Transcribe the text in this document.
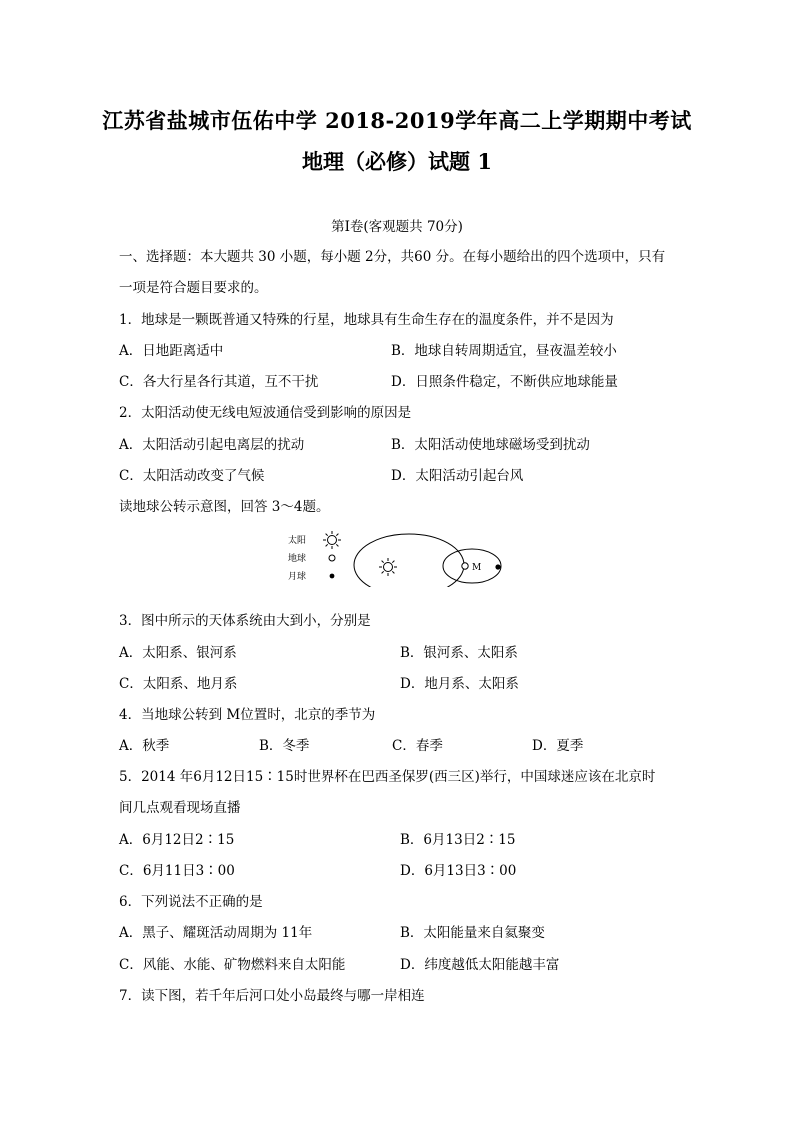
江苏省盐城市伍佑中学 2018-2019学年高二上学期期中考试
地理（必修）试题 1
第Ⅰ卷(客观题共 70分)
一、选择题：本大题共 30 小题，每小题 2分，共60 分。在每小题给出的四个选项中，只有
一项是符合题目要求的。
1．地球是一颗既普通又特殊的行星，地球具有生命生存在的温度条件，并不是因为
A．日地距离适中	B．地球自转周期适宜，昼夜温差较小
C．各大行星各行其道，互不干扰	D．日照条件稳定，不断供应地球能量
2．太阳活动使无线电短波通信受到影响的原因是
A．太阳活动引起电离层的扰动	B．太阳活动使地球磁场受到扰动
C．太阳活动改变了气候	D．太阳活动引起台风
读地球公转示意图，回答 3～4题。
太阳
地球
月球
M
3．图中所示的天体系统由大到小，分别是
A．太阳系、银河系	B．银河系、太阳系
C．太阳系、地月系	D．地月系、太阳系
4．当地球公转到 M位置时，北京的季节为
A．秋季	B．冬季	C．春季	D．夏季
5．2014 年6月12日15∶15时世界杯在巴西圣保罗(西三区)举行，中国球迷应该在北京时
间几点观看现场直播
A．6月12日2∶15	B．6月13日2∶15
C．6月11日3∶00	D．6月13日3∶00
6．下列说法不正确的是
A．黑子、耀斑活动周期为 11年	B．太阳能量来自氦聚变
C．风能、水能、矿物燃料来自太阳能	D．纬度越低太阳能越丰富
7．读下图，若千年后河口处小岛最终与哪一岸相连
